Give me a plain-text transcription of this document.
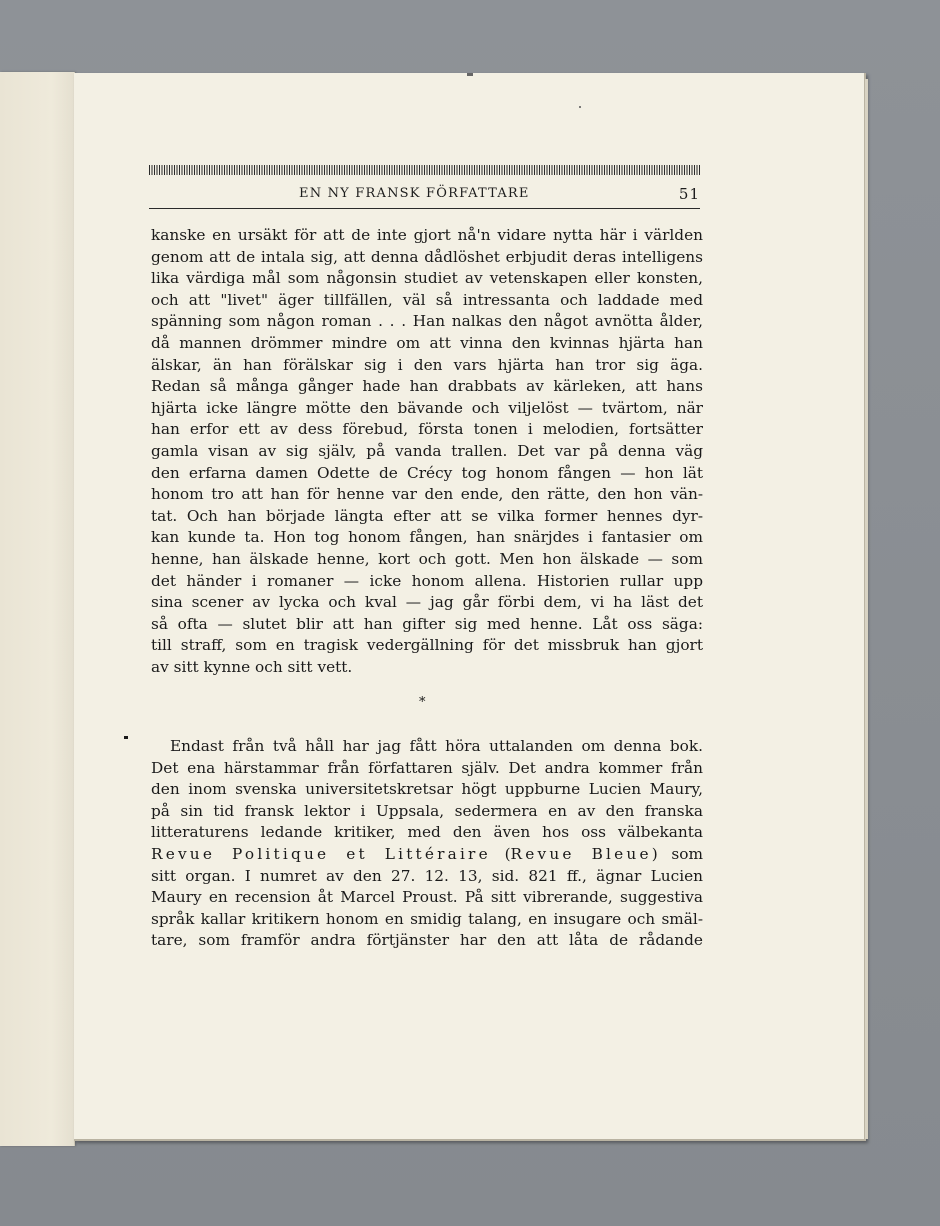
EN NY FRANSK FÖRFATTARE	51
kanske en ursäkt för att de inte gjort nå'n vidare nytta här i världen
genom att de intala sig, att denna dådlöshet erbjudit deras intelligens
lika värdiga mål som någonsin studiet av vetenskapen eller konsten,
och att "livet" äger tillfällen, väl så intressanta och laddade med
spänning som någon roman . . . Han nalkas den något avnötta ålder,
då mannen drömmer mindre om att vinna den kvinnas hjärta han
älskar, än han förälskar sig i den vars hjärta han tror sig äga.
Redan så många gånger hade han drabbats av kärleken, att hans
hjärta icke längre mötte den bävande och viljelöst — tvärtom, när
han erfor ett av dess förebud, första tonen i melodien, fortsätter
gamla visan av sig själv, på vanda trallen. Det var på denna väg
den erfarna damen Odette de Crécy tog honom fången — hon lät
honom tro att han för henne var den ende, den rätte, den hon vän-
tat. Och han började längta efter att se vilka former hennes dyr-
kan kunde ta. Hon tog honom fången, han snärjdes i fantasier om
henne, han älskade henne, kort och gott. Men hon älskade — som
det händer i romaner — icke honom allena. Historien rullar upp
sina scener av lycka och kval — jag går förbi dem, vi ha läst det
så ofta — slutet blir att han gifter sig med henne. Låt oss säga:
till straff, som en tragisk vedergällning för det missbruk han gjort
av sitt kynne och sitt vett.
*
Endast från två håll har jag fått höra uttalanden om denna bok.
Det ena härstammar från författaren själv. Det andra kommer från
den inom svenska universitetskretsar högt uppburne Lucien Maury,
på sin tid fransk lektor i Uppsala, sedermera en av den franska
litteraturens ledande kritiker, med den även hos oss välbekanta
Revue Politique et Littéraire (Revue Bleue) som
sitt organ. I numret av den 27. 12. 13, sid. 821 ff., ägnar Lucien
Maury en recension åt Marcel Proust. På sitt vibrerande, suggestiva
språk kallar kritikern honom en smidig talang, en insugare och smäl-
tare, som framför andra förtjänster har den att låta de rådande
